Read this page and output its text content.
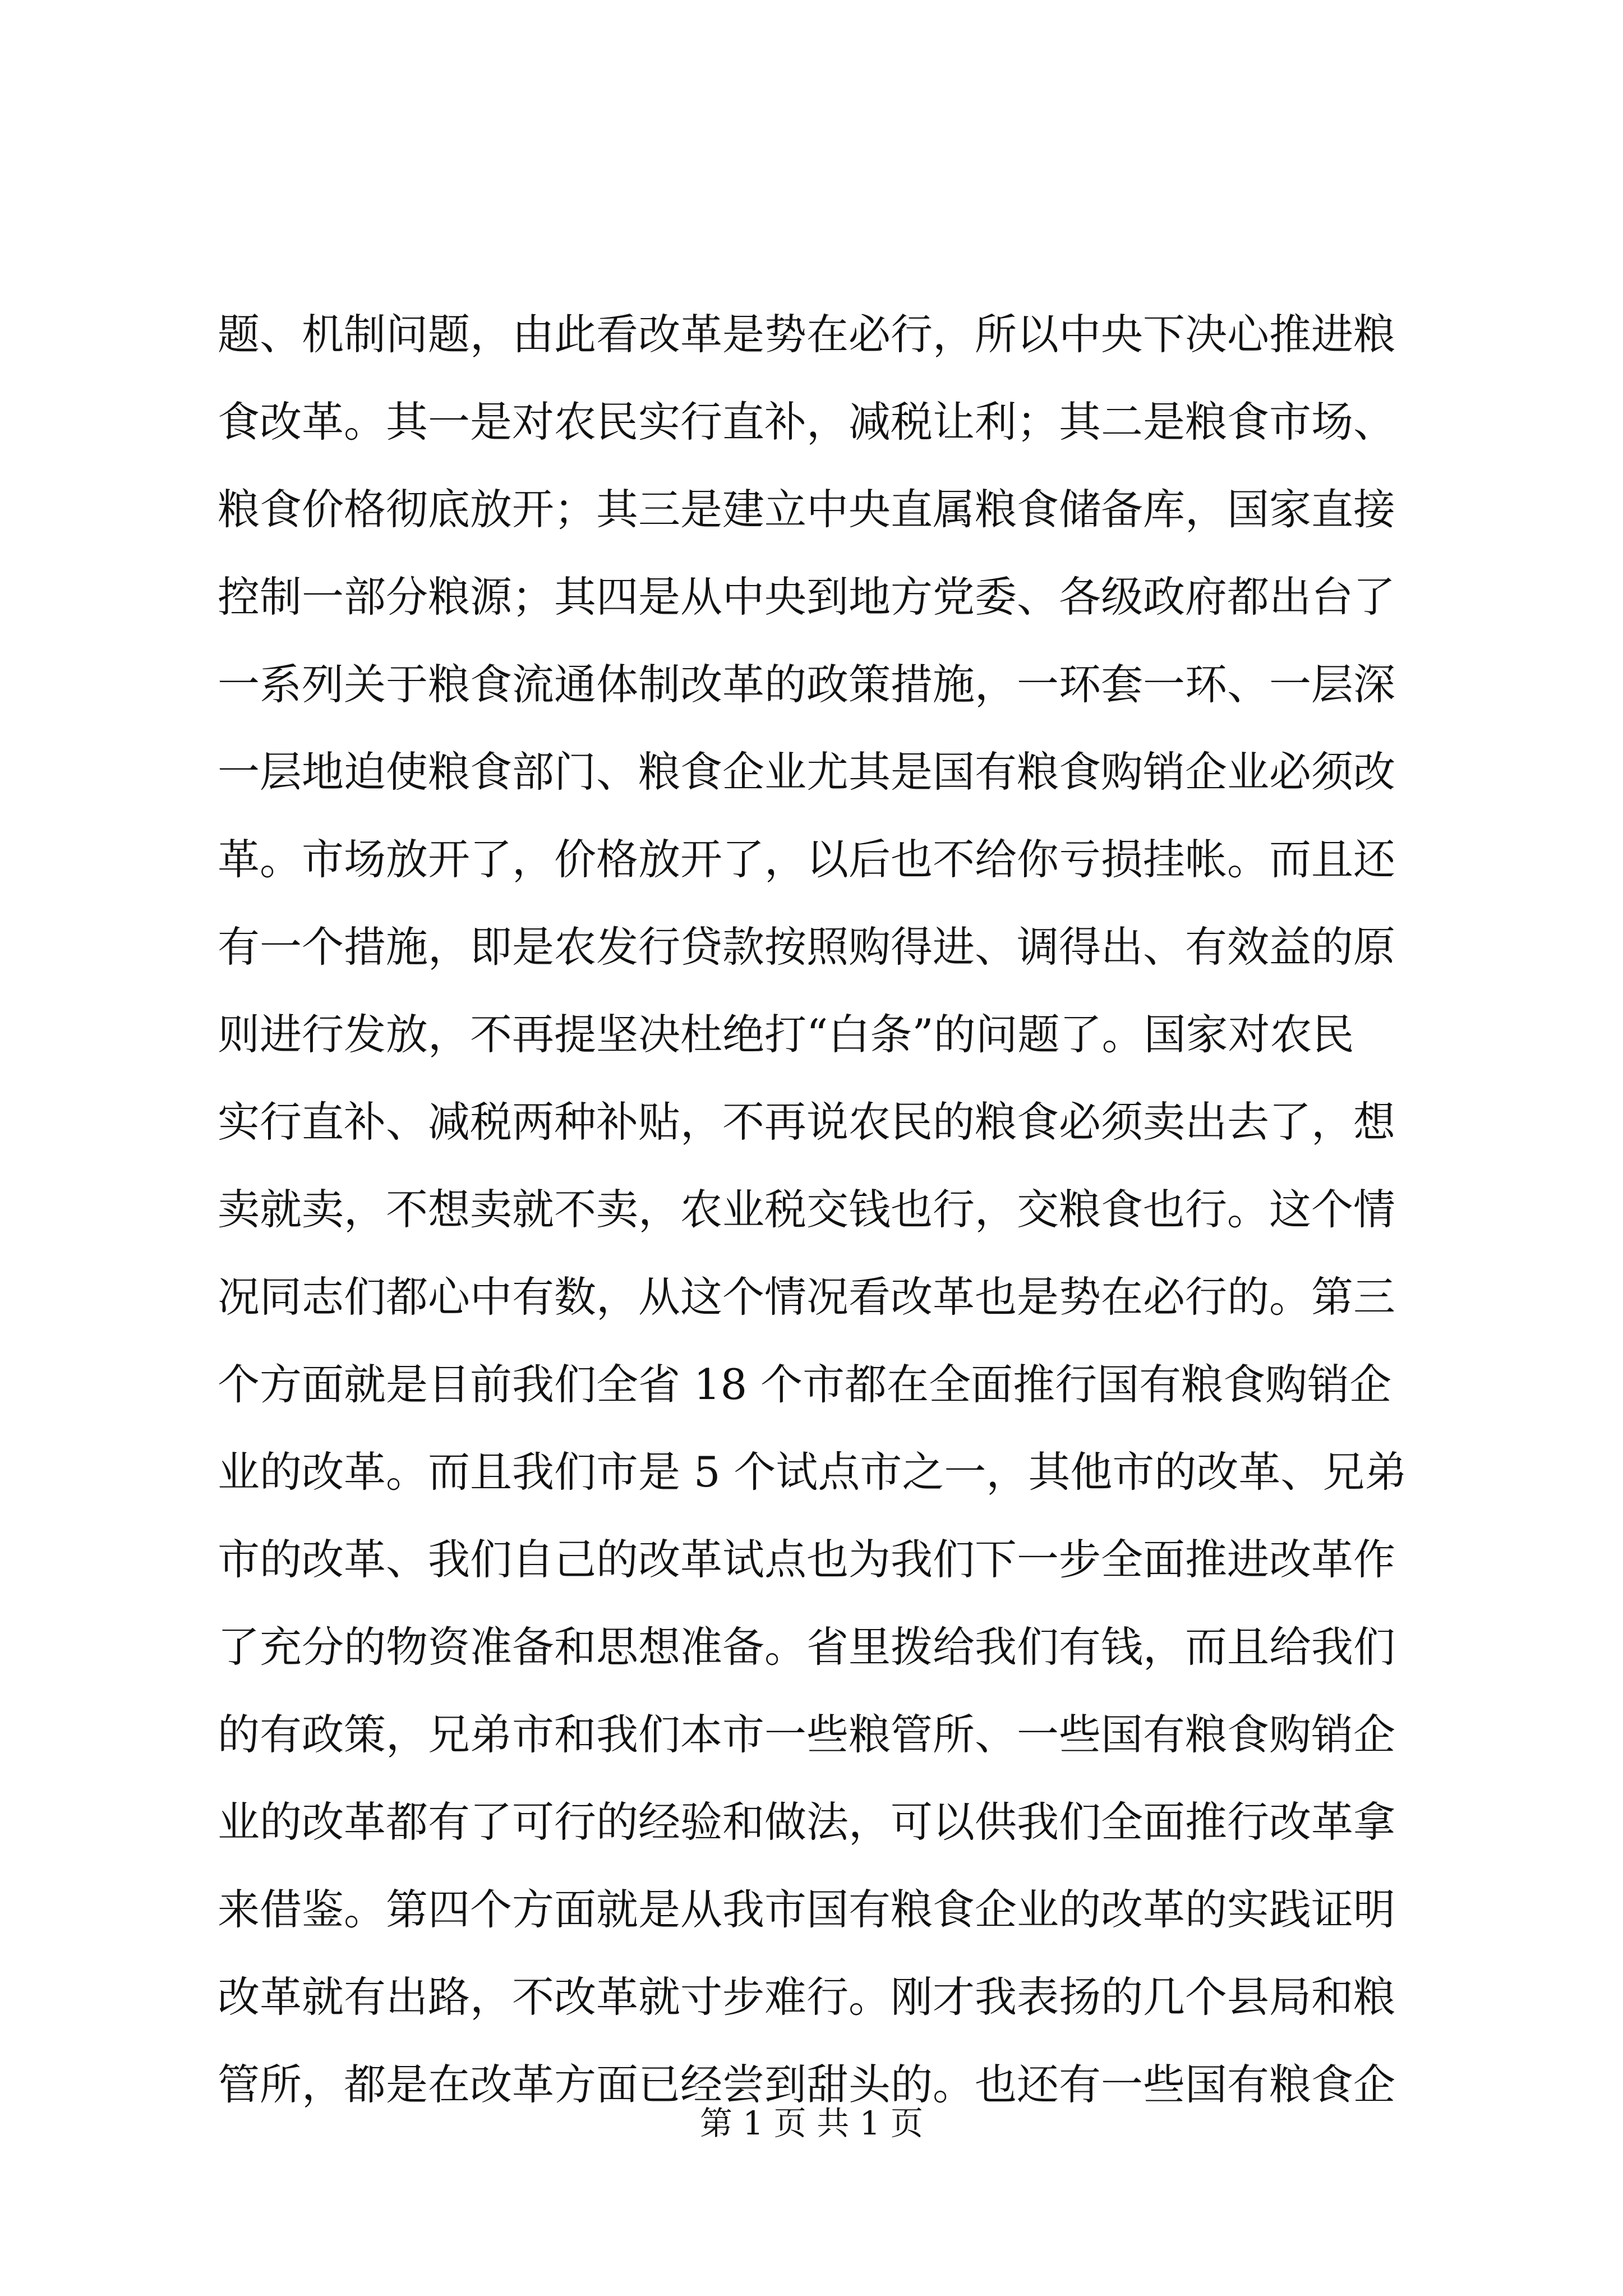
题、机制问题，由此看改革是势在必行，所以中央下决心推进粮
食改革。其一是对农民实行直补，减税让利；其二是粮食市场、
粮食价格彻底放开；其三是建立中央直属粮食储备库，国家直接
控制一部分粮源；其四是从中央到地方党委、各级政府都出台了
一系列关于粮食流通体制改革的政策措施，一环套一环、一层深
一层地迫使粮食部门、粮食企业尤其是国有粮食购销企业必须改
革。市场放开了，价格放开了，以后也不给你亏损挂帐。而且还
有一个措施，即是农发行贷款按照购得进、调得出、有效益的原
则进行发放，不再提坚决杜绝打“白条”的问题了。国家对农民
实行直补、减税两种补贴，不再说农民的粮食必须卖出去了，想
卖就卖，不想卖就不卖，农业税交钱也行，交粮食也行。这个情
况同志们都心中有数，从这个情况看改革也是势在必行的。第三
个方面就是目前我们全省 18 个市都在全面推行国有粮食购销企
业的改革。而且我们市是 5 个试点市之一，其他市的改革、兄弟
市的改革、我们自己的改革试点也为我们下一步全面推进改革作
了充分的物资准备和思想准备。省里拨给我们有钱，而且给我们
的有政策，兄弟市和我们本市一些粮管所、一些国有粮食购销企
业的改革都有了可行的经验和做法，可以供我们全面推行改革拿
来借鉴。第四个方面就是从我市国有粮食企业的改革的实践证明
改革就有出路，不改革就寸步难行。刚才我表扬的几个县局和粮
管所，都是在改革方面已经尝到甜头的。也还有一些国有粮食企
第 1 页 共 1 页
